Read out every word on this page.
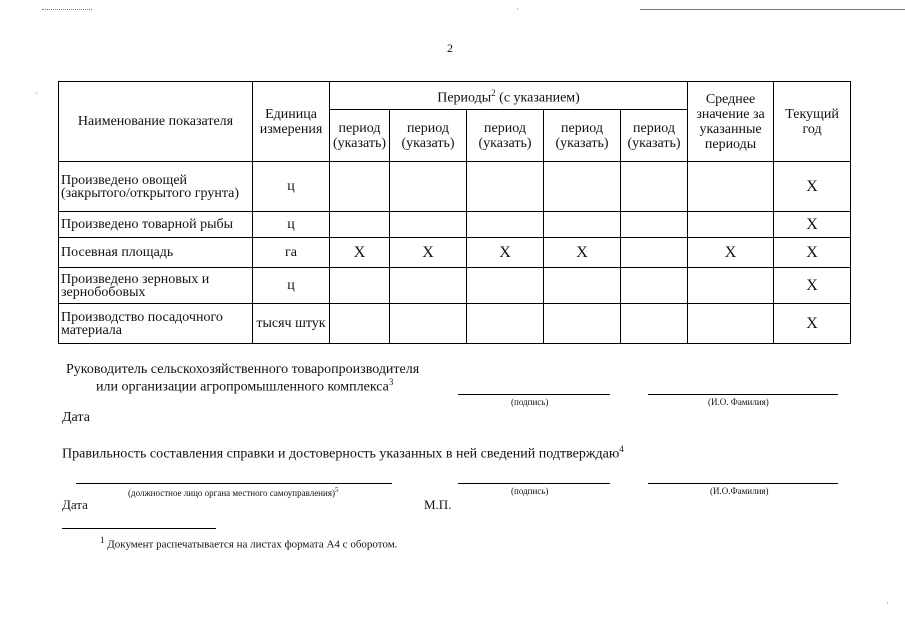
2
Наименование показателя	Единица измерения	Периоды$^2$ (с указанием)					Среднее значение за указанные периоды	Текущий год
		период (указать)	период (указать)	период (указать)	период (указать)	период (указать)		
Произведено овощей (закрытого/открытого грунта)	ц							X
Произведено товарной рыбы	ц							X
Посевная площадь	га	X	X	X	X		X	X
Произведено зерновых и зернобобовых	ц							X
Производство посадочного материала	тысяч штук							X
Руководитель сельскохозяйственного товаропроизводителя
или организации агропромышленного комплекса$^3$
(подпись)	(И.О. Фамилия)
Дата
Правильность составления справки и достоверность указанных в ней сведений подтверждаю$^4$
(должностное лицо органа местного самоуправления)$^5$	(подпись)	(И.О.Фамилия)
Дата	М.П.
$^1$ Документ распечатывается на листах формата А4 с оборотом.
·
·
·
